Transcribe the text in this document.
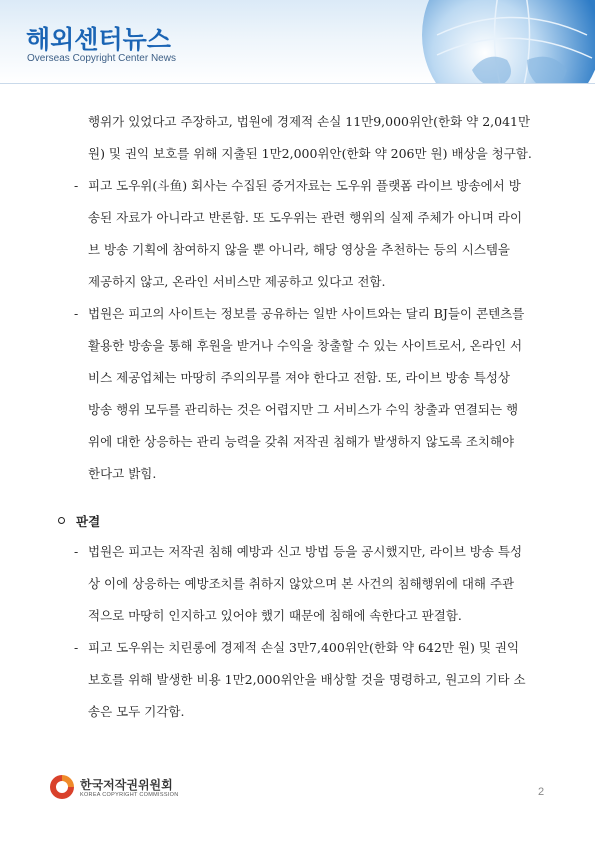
해외센터뉴스
Overseas Copyright Center News
행위가 있었다고 주장하고, 법원에 경제적 손실 11만9,000위안(한화 약 2,041만
원) 및 권익 보호를 위해 지출된 1만2,000위안(한화 약 206만 원) 배상을 청구함.
- 피고 도우위(斗鱼) 회사는 수집된 증거자료는 도우위 플랫폼 라이브 방송에서 방
송된 자료가 아니라고 반론함. 또 도우위는 관련 행위의 실제 주체가 아니며 라이
브 방송 기획에 참여하지 않을 뿐 아니라, 해당 영상을 추천하는 등의 시스템을
제공하지 않고, 온라인 서비스만 제공하고 있다고 전함.
- 법원은 피고의 사이트는 정보를 공유하는 일반 사이트와는 달리 BJ들이 콘텐츠를
활용한 방송을 통해 후원을 받거나 수익을 창출할 수 있는 사이트로서, 온라인 서
비스 제공업체는 마땅히 주의의무를 져야 한다고 전함. 또, 라이브 방송 특성상
방송 행위 모두를 관리하는 것은 어렵지만 그 서비스가 수익 창출과 연결되는 행
위에 대한 상응하는 관리 능력을 갖춰 저작권 침해가 발생하지 않도록 조치해야
한다고 밝힘.
판결
- 법원은 피고는 저작권 침해 예방과 신고 방법 등을 공시했지만, 라이브 방송 특성
상 이에 상응하는 예방조치를 취하지 않았으며 본 사건의 침해행위에 대해 주관
적으로 마땅히 인지하고 있어야 했기 때문에 침해에 속한다고 판결함.
- 피고 도우위는 치린롱에 경제적 손실 3만7,400위안(한화 약 642만 원) 및 권익
보호를 위해 발생한 비용 1만2,000위안을 배상할 것을 명령하고, 원고의 기타 소
송은 모두 기각함.
한국저작권위원회
KOREA COPYRIGHT COMMISSION	2
